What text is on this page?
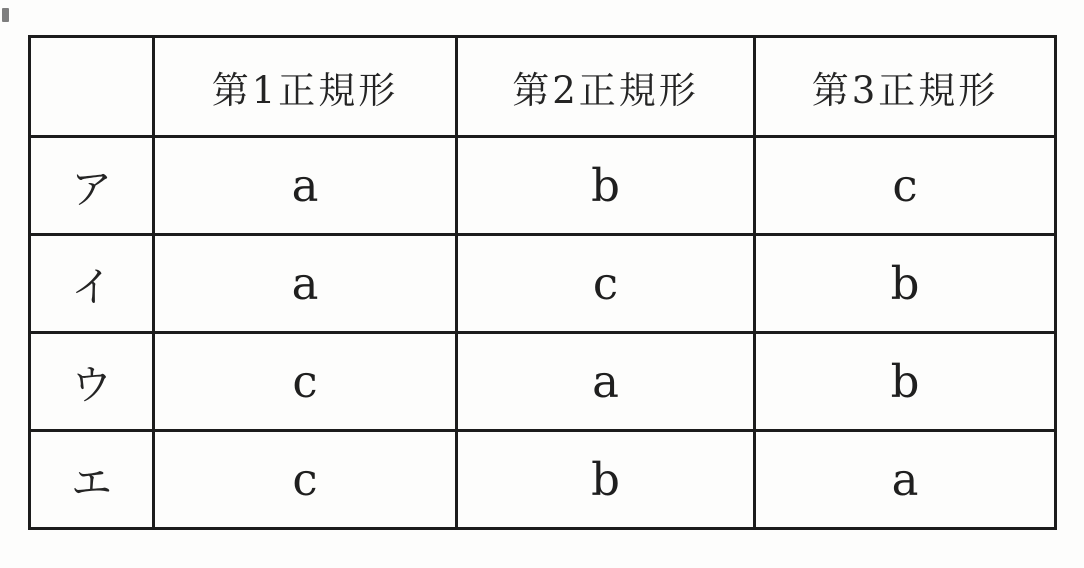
	第1正規形	第2正規形	第3正規形
ア	a	b	c
イ	a	c	b
ウ	c	a	b
エ	c	b	a
